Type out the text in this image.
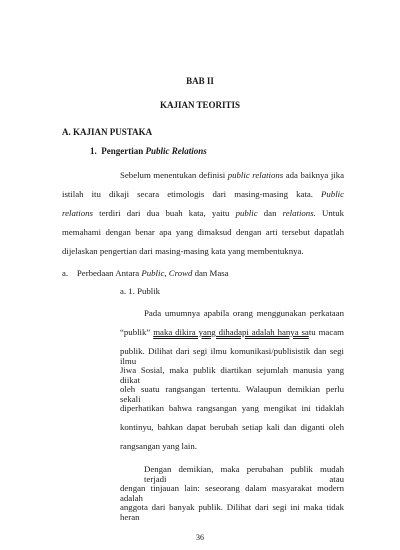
BAB II
KAJIAN TEORITIS
A. KAJIAN PUSTAKA
1. Pengertian Public Relations
Sebelum menentukan definisi public relations ada baiknya jika
istilah itu dikaji secara etimologis dari masing-masing kata. Public
relations terdiri dari dua buah kata, yaitu public dan relations. Untuk
memahami dengan benar apa yang dimaksud dengan arti tersebut dapatlah
dijelaskan pengertian dari masing-masing kata yang membentuknya.
a. Perbedaan Antara Public, Crowd dan Masa
a. 1. Publik
Pada umumnya apabila orang menggunakan perkataan
“publik” maka dikira yang dihadapi adalah hanya satu macam
publik. Dilihat dari segi ilmu komunikasi/publisistik dan segi ilmu
Jiwa Sosial, maka publik diartikan sejumlah manusia yang diikat
oleh suatu rangsangan tertentu. Walaupun demikian perlu sekali
diperhatikan bahwa rangsangan yang mengikat ini tidaklah
kontinyu, bahkan dapat berubah setiap kali dan diganti oleh
rangsangan yang lain.
Dengan demikian, maka perubahan publik mudah terjadi atau
dengan tinjauan lain: seseorang dalam masyarakat modern adalah
anggota dari banyak publik. Dilihat dari segi ini maka tidak heran
36
